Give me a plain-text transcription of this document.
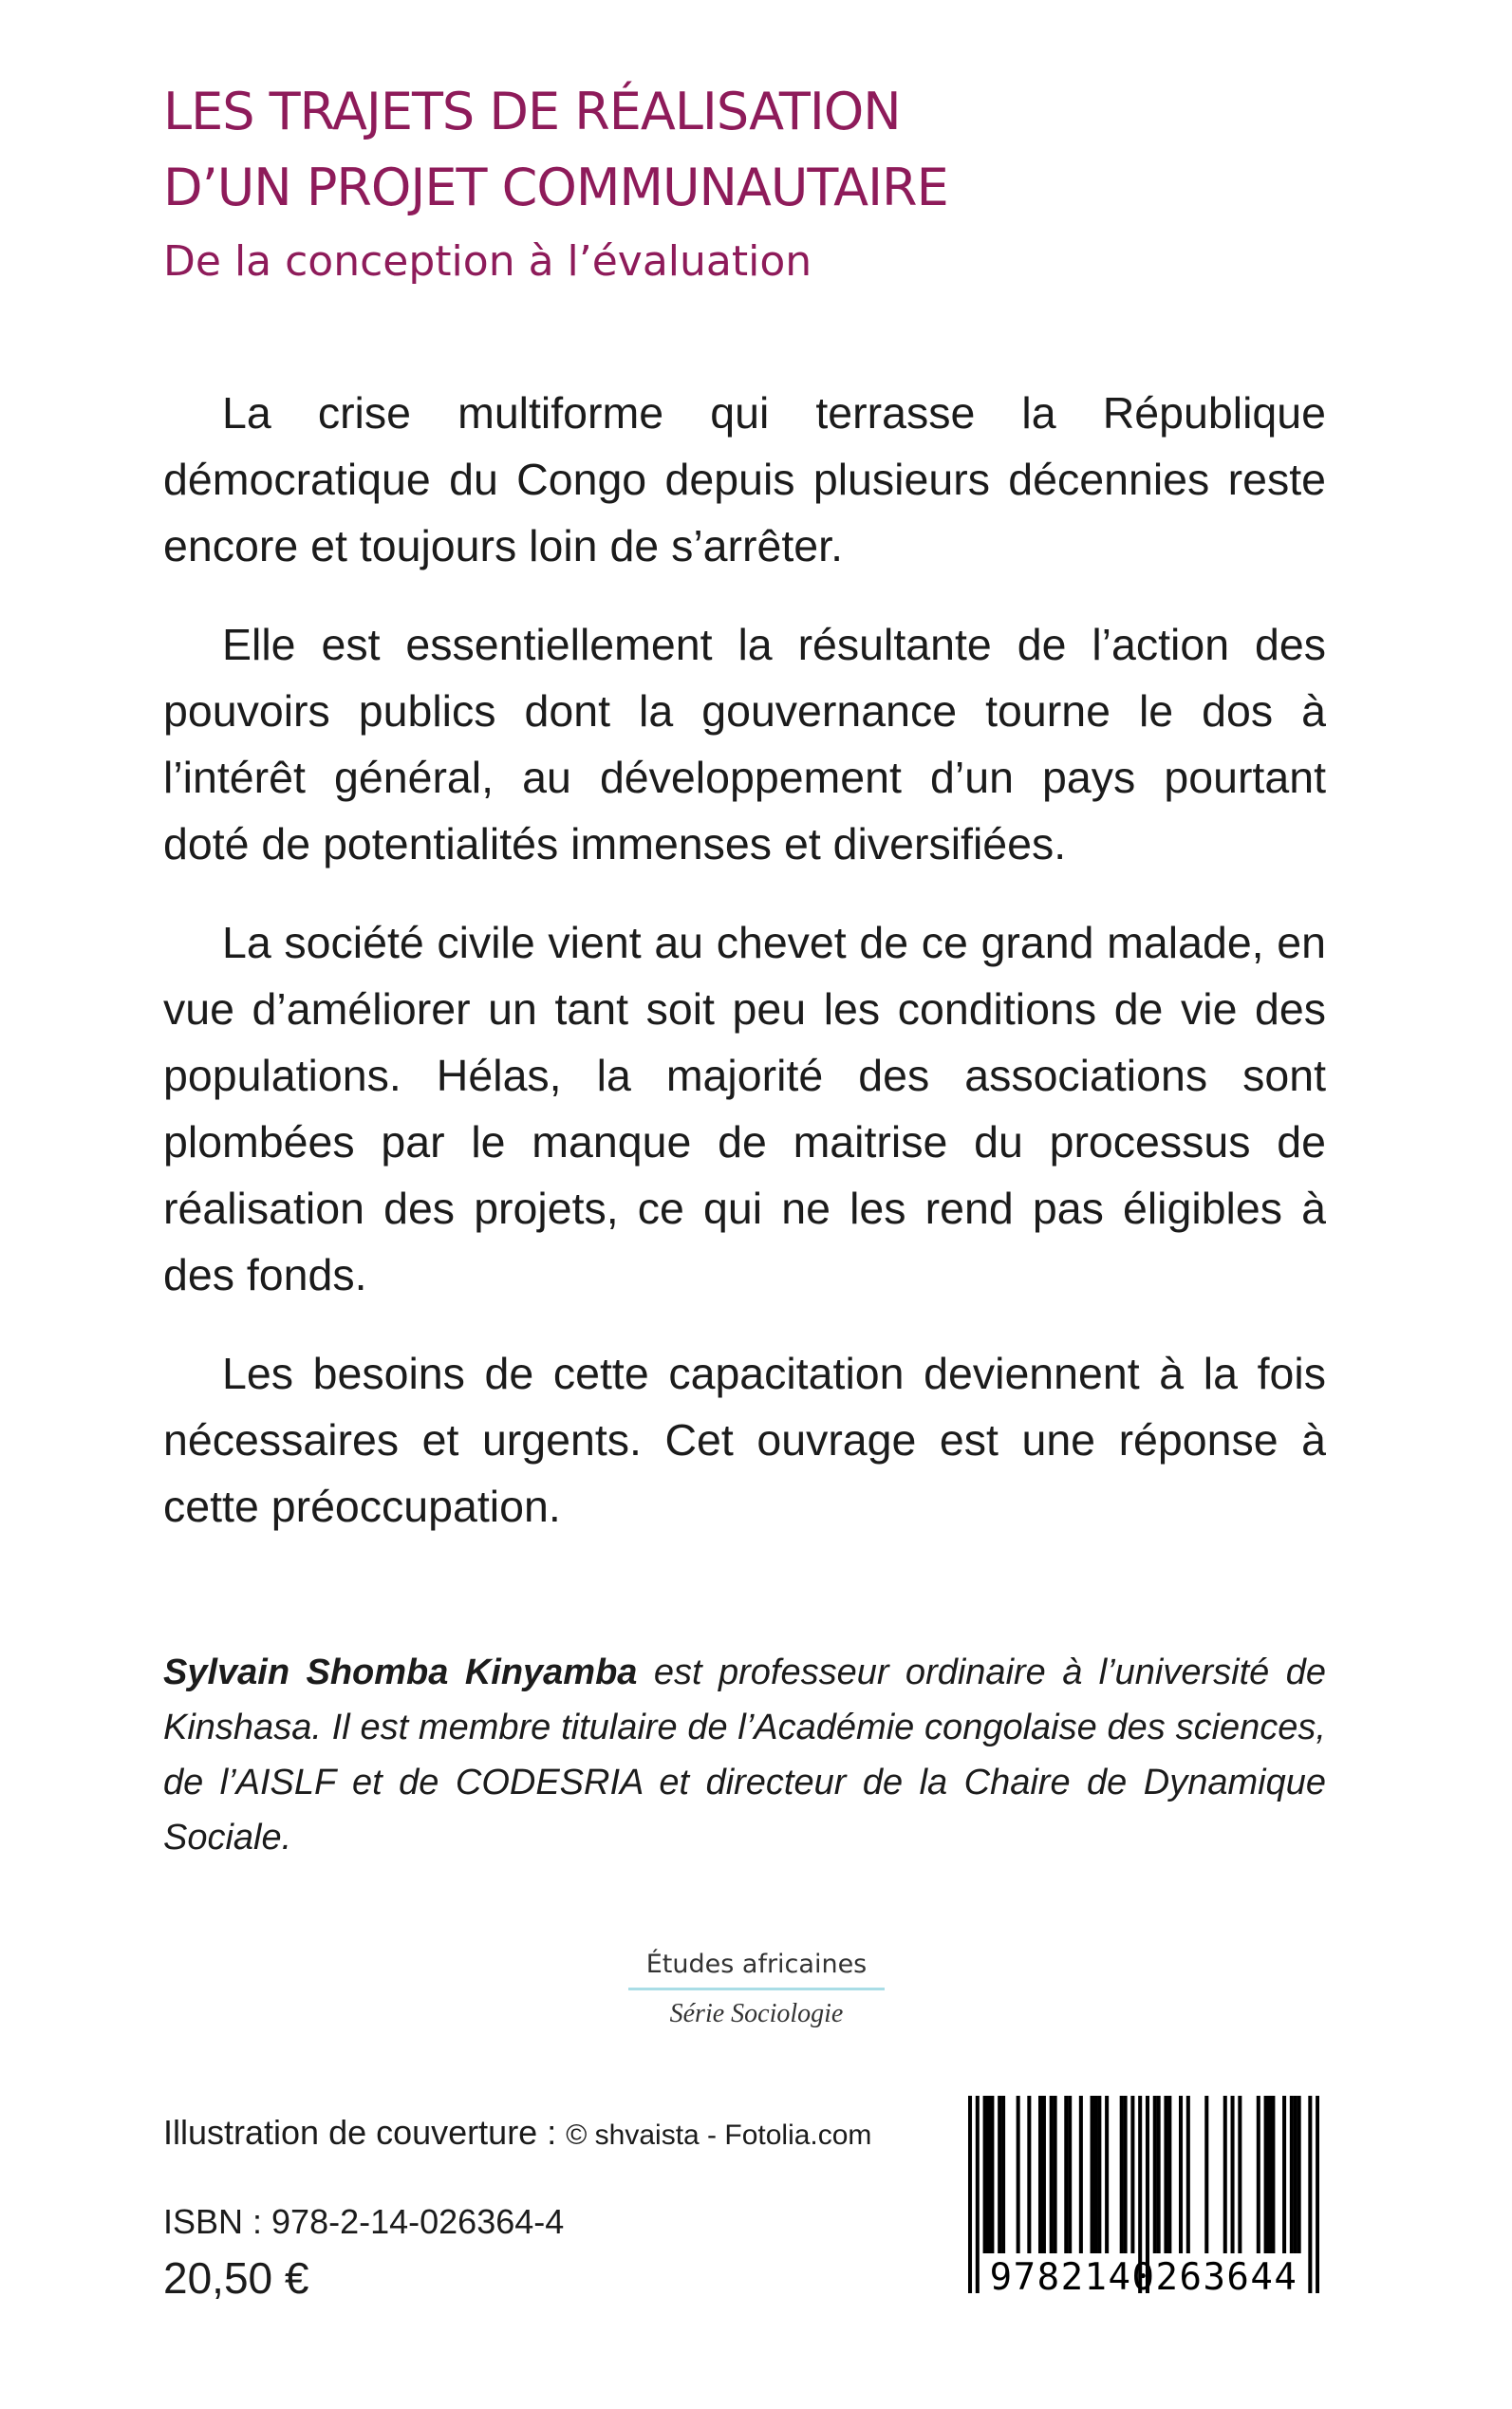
LES TRAJETS DE RÉALISATION
D’UN PROJET COMMUNAUTAIRE
De la conception à l’évaluation

La crise multiforme qui terrasse la République démocratique du Congo depuis plusieurs décennies reste encore et toujours loin de s’arrêter.

Elle est essentiellement la résultante de l’action des pouvoirs publics dont la gouvernance tourne le dos à l’intérêt général, au développement d’un pays pourtant doté de potentialités immenses et diversifiées.

La société civile vient au chevet de ce grand malade, en vue d’améliorer un tant soit peu les conditions de vie des populations. Hélas, la majorité des associations sont plombées par le manque de maitrise du processus de réalisation des projets, ce qui ne les rend pas éligibles à des fonds.

Les besoins de cette capacitation deviennent à la fois nécessaires et urgents. Cet ouvrage est une réponse à cette préoccupation.

Sylvain Shomba Kinyamba est professeur ordinaire à l’université de Kinshasa. Il est membre titulaire de l’Académie congolaise des sciences, de l’AISLF et de CODESRIA et directeur de la Chaire de Dynamique Sociale.
Études africaines
Série Sociologie
Illustration de couverture : © shvaista - Fotolia.com
ISBN : 978-2-14-026364-4
20,50 €	9782140263644
